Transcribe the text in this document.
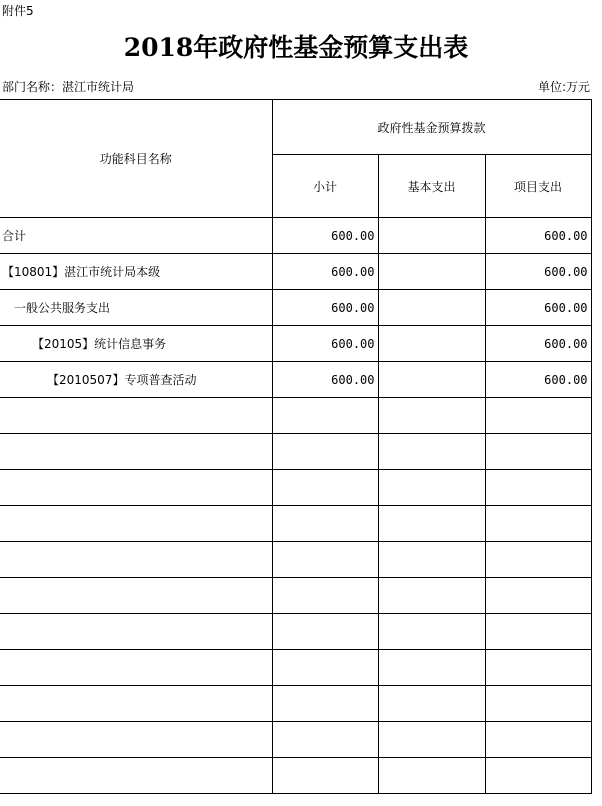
附件5
2018年政府性基金预算支出表
部门名称：湛江市统计局	单位:万元
功能科目名称	政府性基金预算拨款		
	小计	基本支出	项目支出
合计	600.00		600.00
【10801】湛江市统计局本级	600.00		600.00
一般公共服务支出	600.00		600.00
【20105】统计信息事务	600.00		600.00
【2010507】专项普查活动	600.00		600.00
